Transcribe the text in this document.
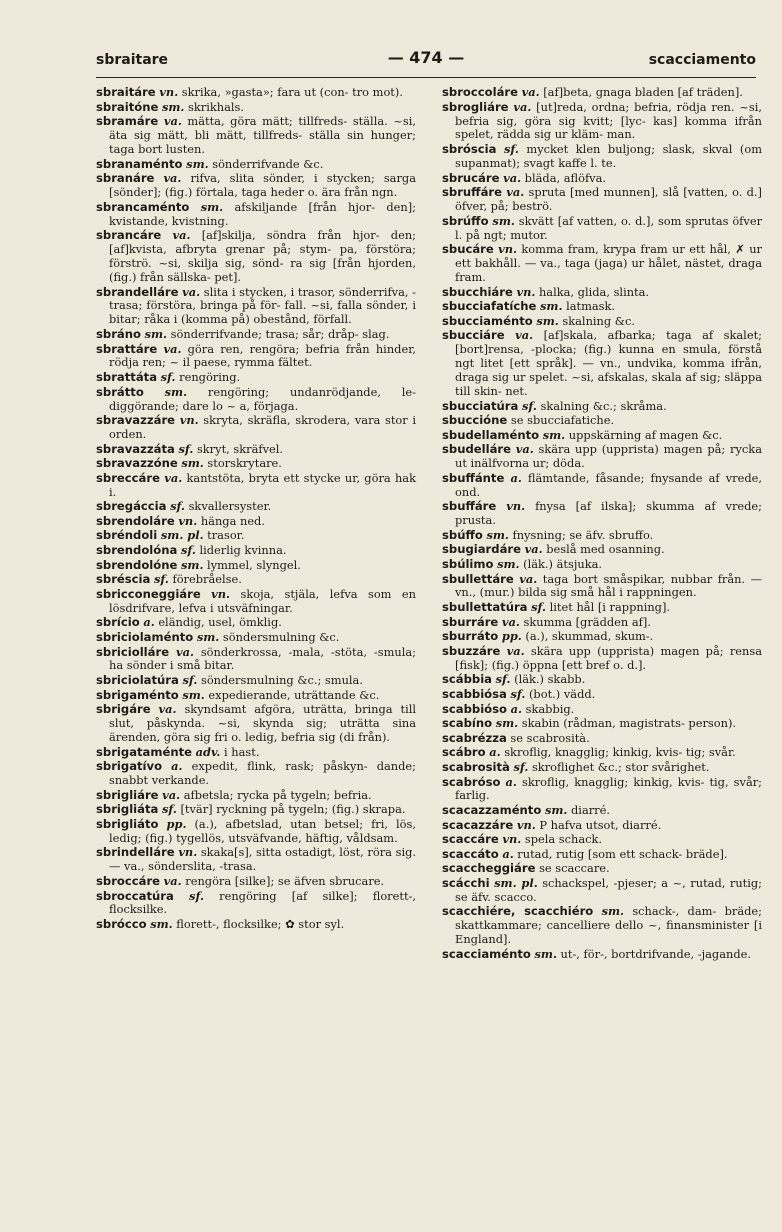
sbraitare	— 474 —	scacciamento

sbraitáre vn. skrika, »gasta»; fara ut (con- tro mot).

sbraitóne sm. skrikhals.

sbramáre va. mätta, göra mätt; tillfreds- ställa. ~si, äta sig mätt, bli mätt, tillfreds- ställa sin hunger; taga bort lusten.

sbranaménto sm. sönderrifvande &c.

sbranáre va. rifva, slita sönder, i stycken; sarga [sönder]; (fig.) förtala, taga heder o. ära från ngn.

sbrancaménto sm. afskiljande [från hjor- den]; kvistande, kvistning.

sbrancáre va. [af]skilja, söndra från hjor- den; [af]kvista, afbryta grenar på; stym- pa, förstöra; förströ. ~si, skilja sig, sönd- ra sig [från hjorden, (fig.) från sällska- pet].

sbrandelláre va. slita i stycken, i trasor, sönderrifva, -trasa; förstöra, bringa på för- fall. ~si, falla sönder, i bitar; råka i (komma på) obestånd, förfall.

sbráno sm. sönderrifvande; trasa; sår; dråp- slag.

sbrattáre va. göra ren, rengöra; befria från hinder, rödja ren; ~ il paese, rymma fältet.

sbrattáta sf. rengöring.

sbrátto sm. rengöring; undanrödjande, le- diggörande; dare lo ~ a, förjaga.

sbravazzáre vn. skryta, skräfla, skrodera, vara stor i orden.

sbravazzáta sf. skryt, skräfvel.

sbravazzóne sm. storskrytare.

sbreccáre va. kantstöta, bryta ett stycke ur, göra hak i.

sbregáccia sf. skvallersyster.

sbrendoláre vn. hänga ned.

sbréndoli sm. pl. trasor.

sbrendolóna sf. liderlig kvinna.

sbrendolóne sm. lymmel, slyngel.

sbréscia sf. förebråelse.

sbricconeggiáre vn. skoja, stjäla, lefva som en lösdrifvare, lefva i utsväfningar.

sbrício a. eländig, usel, ömklig.

sbriciolaménto sm. söndersmulning &c.

sbriciolláre va. sönderkrossa, -mala, -stöta, -smula; ha sönder i små bitar.

sbriciolatúra sf. söndersmulning &c.; smula.

sbrigaménto sm. expedierande, uträttande &c.

sbrigáre va. skyndsamt afgöra, uträtta, bringa till slut, påskynda. ~si, skynda sig; uträtta sina ärenden, göra sig fri o. ledig, befria sig (di från).

sbrigataménte adv. i hast.

sbrigatívo a. expedit, flink, rask; påskyn- dande; snabbt verkande.

sbrigliáre va. afbetsla; rycka på tygeln; befria.

sbrigliáta sf. [tvär] ryckning på tygeln; (fig.) skrapa.

sbrigliáto pp. (a.), afbetslad, utan betsel; fri, lös, ledig; (fig.) tygellös, utsväfvande, häftig, våldsam.

sbrindelláre vn. skaka[s], sitta ostadigt, löst, röra sig. — va., sönderslita, -trasa.

sbroccáre va. rengöra [silke]; se äfven sbrucare.

sbroccatúra sf. rengöring [af silke]; florett-, flocksilke.

sbrócco sm. florett-, flocksilke; ✿ stor syl.

sbroccoláre va. [af]beta, gnaga bladen [af träden].

sbrogliáre va. [ut]reda, ordna; befria, rödja ren. ~si, befria sig, göra sig kvitt; [lyc- kas] komma ifrån spelet, rädda sig ur kläm- man.

sbróscia sf. mycket klen buljong; slask, skval (om supanmat); svagt kaffe l. te.

sbrucáre va. bläda, aflöfva.

sbruffáre va. spruta [med munnen], slå [vatten, o. d.] öfver, på; beströ.

sbrúffo sm. skvätt [af vatten, o. d.], som sprutas öfver l. på ngt; mutor.

sbucáre vn. komma fram, krypa fram ur ett hål, ✗ ur ett bakhåll. — va., taga (jaga) ur hålet, nästet, draga fram.

sbucchiáre vn. halka, glida, slinta.

sbucciafatíche sm. latmask.

sbucciaménto sm. skalning &c.

sbucciáre va. [af]skala, afbarka; taga af skalet; [bort]rensa, -plocka; (fig.) kunna en smula, förstå ngt litet [ett språk]. — vn., undvika, komma ifrån, draga sig ur spelet. ~si, afskalas, skala af sig; släppa till skin- net.

sbucciatúra sf. skalning &c.; skråma.

sbuccióne se sbucciafatiche.

sbudellaménto sm. uppskärning af magen &c.

sbudelláre va. skära upp (upprista) magen på; rycka ut inälfvorna ur; döda.

sbuffánte a. flämtande, fåsande; fnysande af vrede, ond.

sbuffáre vn. fnysa [af ilska]; skumma af vrede; prusta.

sbúffo sm. fnysning; se äfv. sbruffo.

sbugiardáre va. beslå med osanning.

sbúlimo sm. (läk.) ätsjuka.

sbullettáre va. taga bort småspikar, nubbar från. — vn., (mur.) bilda sig små hål i rappningen.

sbullettatúra sf. litet hål [i rappning].

sburráre va. skumma [grädden af].

sburráto pp. (a.), skummad, skum-.

sbuzzáre va. skära upp (upprista) magen på; rensa [fisk]; (fig.) öppna [ett bref o. d.].

scábbia sf. (läk.) skabb.

scabbiósa sf. (bot.) vädd.

scabbióso a. skabbig.

scabíno sm. skabin (rådman, magistrats- person).

scabrézza se scabrosità.

scábro a. skroflig, knagglig; kinkig, kvis- tig; svår.

scabrosità sf. skroflighet &c.; stor svårighet.

scabróso a. skroflig, knagglig; kinkig, kvis- tig, svår; farlig.

scacazzaménto sm. diarré.

scacazzáre vn. P hafva utsot, diarré.

scaccáre vn. spela schack.

scaccáto a. rutad, rutig [som ett schack- bräde].

scaccheggiáre se scaccare.

scácchi sm. pl. schackspel, -pjeser; a ~, rutad, rutig; se äfv. scacco.

scacchiére, scacchiéro sm. schack-, dam- bräde; skattkammare; cancelliere dello ~, finansminister [i England].

scacciaménto sm. ut-, för-, bortdrifvande, -jagande.
